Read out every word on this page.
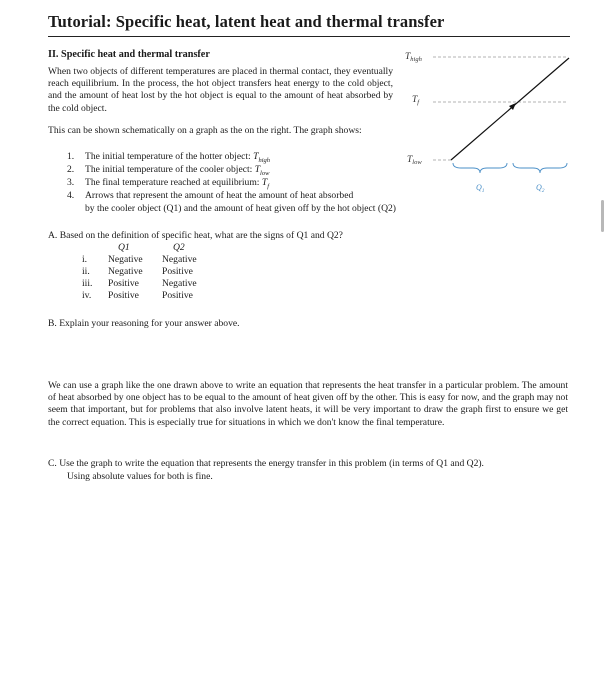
Tutorial: Specific heat, latent heat and thermal transfer
II. Specific heat and thermal transfer

When two objects of different temperatures are placed in thermal contact, they eventually reach equilibrium. In the process, the hot object transfers heat energy to the cold object, and the amount of heat lost by the hot object is equal to the amount of heat absorbed by the cold object.

This can be shown schematically on a graph as the on the right. The graph shows:

1. The initial temperature of the hotter object: $T_{high}$
2. The initial temperature of the cooler object: $T_{low}$
3. The final temperature reached at equilibrium: $T_f$
4. Arrows that represent the amount of heat the amount of heat absorbed
by the cooler object (Q1) and the amount of heat given off by the hot object (Q2)
$T_{high}$
$T_f$
$T_{low}$
$Q_1$	$Q_2$
A. Based on the definition of specific heat, what are the signs of Q1 and Q2?
Q1	Q2
i.	Negative Negative
ii.	Negative Positive
iii.	Positive Negative
iv.	Positive Positive
B. Explain your reasoning for your answer above.

We can use a graph like the one drawn above to write an equation that represents the heat transfer in a particular problem. The amount of heat absorbed by one object has to be equal to the amount of heat given off by the other. This is easy for now, and the graph may not seem that important, but for problems that also involve latent heats, it will be very important to draw the graph first to ensure we get the correct equation. This is especially true for situations in which we don't know the final temperature.

C. Use the graph to write the equation that represents the energy transfer in this problem (in terms of Q1 and Q2).
Using absolute values for both is fine.
